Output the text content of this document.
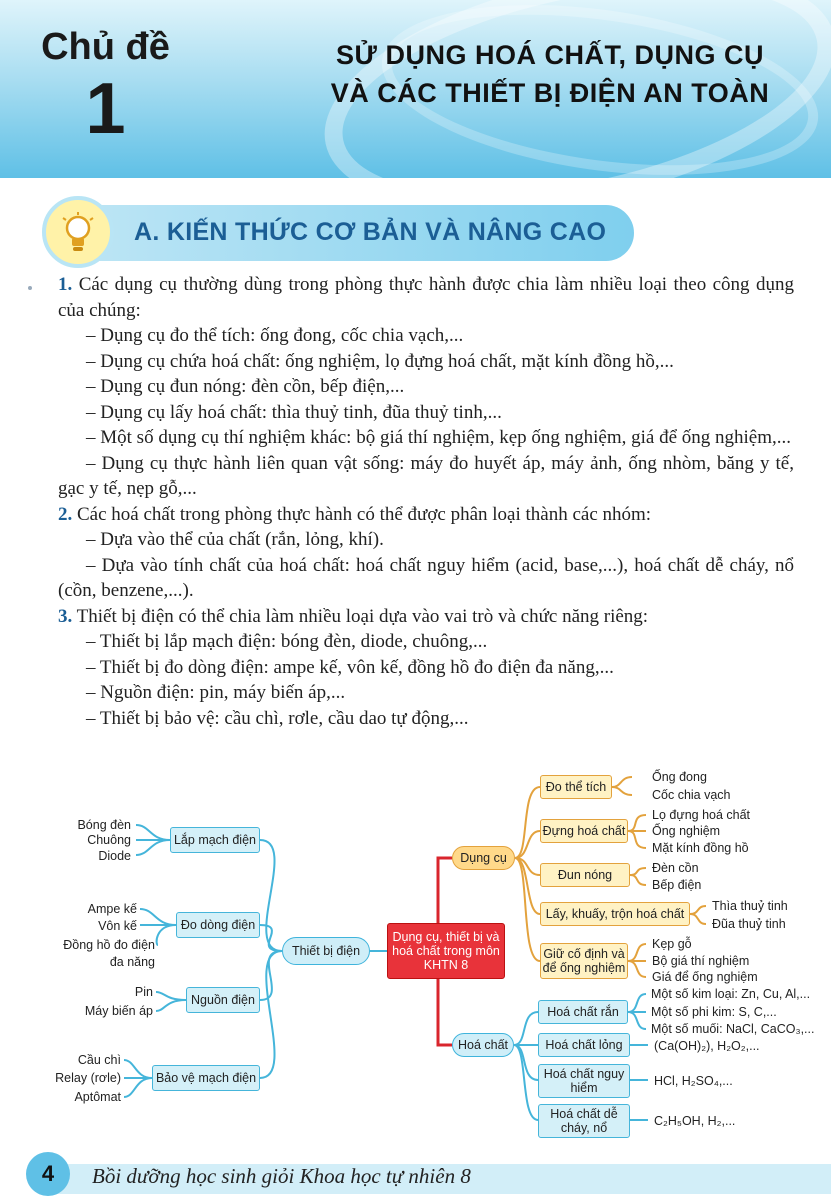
Chủ đề
1
SỬ DỤNG HOÁ CHẤT, DỤNG CỤ
VÀ CÁC THIẾT BỊ ĐIỆN AN TOÀN
A. KIẾN THỨC CƠ BẢN VÀ NÂNG CAO

1. Các dụng cụ thường dùng trong phòng thực hành được chia làm nhiều loại theo công dụng của chúng:

– Dụng cụ đo thể tích: ống đong, cốc chia vạch,...

– Dụng cụ chứa hoá chất: ống nghiệm, lọ đựng hoá chất, mặt kính đồng hồ,...

– Dụng cụ đun nóng: đèn cồn, bếp điện,...

– Dụng cụ lấy hoá chất: thìa thuỷ tinh, đũa thuỷ tinh,...

– Một số dụng cụ thí nghiệm khác: bộ giá thí nghiệm, kẹp ống nghiệm, giá để ống nghiệm,...

– Dụng cụ thực hành liên quan vật sống: máy đo huyết áp, máy ảnh, ống nhòm, băng y tế, gạc y tế, nẹp gỗ,...

2. Các hoá chất trong phòng thực hành có thể được phân loại thành các nhóm:

– Dựa vào thể của chất (rắn, lỏng, khí).

– Dựa vào tính chất của hoá chất: hoá chất nguy hiểm (acid, base,...), hoá chất dễ cháy, nổ (cồn, benzene,...).

3. Thiết bị điện có thể chia làm nhiều loại dựa vào vai trò và chức năng riêng:

– Thiết bị lắp mạch điện: bóng đèn, diode, chuông,...

– Thiết bị đo dòng điện: ampe kế, vôn kế, đồng hồ đo điện đa năng,...

– Nguồn điện: pin, máy biến áp,...

– Thiết bị bảo vệ: cầu chì, rơle, cầu dao tự động,...

Dụng cụ, thiết bị và hoá chất trong môn KHTN 8
Thiết bị điện
Lắp mạch điện
Đo dòng điện
Nguồn điện
Bảo vệ mạch điện
Bóng đèn
Chuông
Diode
Ampe kế
Vôn kế
Đồng hồ đo điện
đa năng
Pin
Máy biến áp
Cầu chì
Relay (rơle)
Aptômat
Dụng cụ
Đo thể tích
Đựng hoá chất
Đun nóng
Lấy, khuấy, trộn hoá chất
Giữ cố định và để ống nghiệm
Ống đong
Cốc chia vạch
Lọ đựng hoá chất
Ống nghiệm
Mặt kính đồng hồ
Đèn cồn
Bếp điện
Thìa thuỷ tinh
Đũa thuỷ tinh
Kẹp gỗ
Bộ giá thí nghiệm
Giá để ống nghiệm
Hoá chất
Hoá chất rắn
Hoá chất lỏng
Hoá chất nguy hiểm
Hoá chất dễ cháy, nổ
Một số kim loại: Zn, Cu, Al,...
Một số phi kim: S, C,...
Một số muối: NaCl, CaCO₃,...
(Ca(OH)₂), H₂O₂,...
HCl, H₂SO₄,...
C₂H₅OH, H₂,...
4	Bồi dưỡng học sinh giỏi Khoa học tự nhiên 8
